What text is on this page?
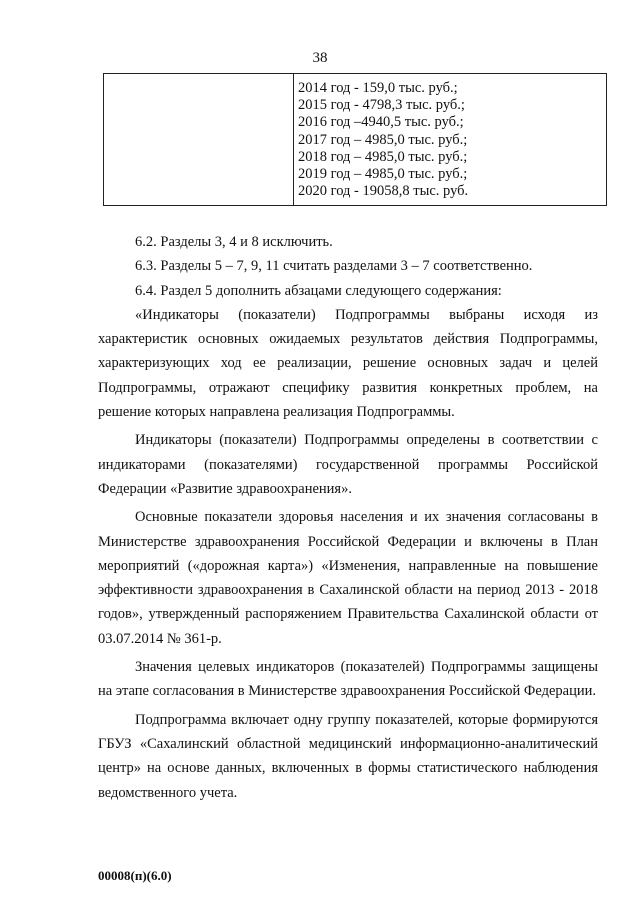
38
2014 год - 159,0 тыс. руб.;
2015 год - 4798,3 тыс. руб.;
2016 год –4940,5 тыс. руб.;
2017 год – 4985,0 тыс. руб.;
2018 год – 4985,0 тыс. руб.;
2019 год – 4985,0 тыс. руб.;
2020 год - 19058,8 тыс. руб.

6.2. Разделы 3, 4 и 8 исключить.

6.3. Разделы 5 – 7, 9, 11 считать разделами 3 – 7 соответственно.

6.4. Раздел 5 дополнить абзацами следующего содержания:

«Индикаторы (показатели) Подпрограммы выбраны исходя из характеристик основных ожидаемых результатов действия Подпрограммы, характеризующих ход ее реализации, решение основных задач и целей Подпрограммы, отражают специфику развития конкретных проблем, на решение которых направлена реализация Подпрограммы.

Индикаторы (показатели) Подпрограммы определены в соответствии с индикаторами (показателями) государственной программы Российской Федерации «Развитие здравоохранения».

Основные показатели здоровья населения и их значения согласованы в Министерстве здравоохранения Российской Федерации и включены в План мероприятий («дорожная карта») «Изменения, направленные на повышение эффективности здравоохранения в Сахалинской области на период 2013 - 2018 годов», утвержденный распоряжением Правительства Сахалинской области от 03.07.2014 № 361-р.

Значения целевых индикаторов (показателей) Подпрограммы защищены на этапе согласования в Министерстве здравоохранения Российской Федерации.

Подпрограмма включает одну группу показателей, которые формируются ГБУЗ «Сахалинский областной медицинский информационно-аналитический центр» на основе данных, включенных в формы статистического наблюдения ведомственного учета.

00008(п)(6.0)
